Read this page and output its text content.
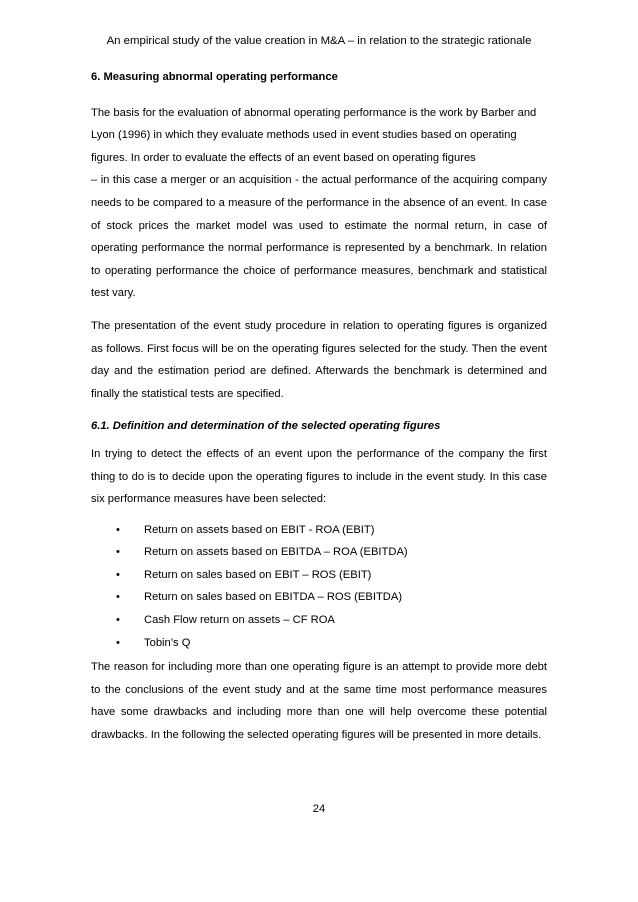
An empirical study of the value creation in M&A – in relation to the strategic rationale
6. Measuring abnormal operating performance

The basis for the evaluation of abnormal operating performance is the work by Barber and Lyon (1996) in which they evaluate methods used in event studies based on operating figures. In order to evaluate the effects of an event based on operating figures

– in this case a merger or an acquisition - the actual performance of the acquiring company needs to be compared to a measure of the performance in the absence of an event. In case of stock prices the market model was used to estimate the normal return, in case of operating performance the normal performance is represented by a benchmark. In relation to operating performance the choice of performance measures, benchmark and statistical test vary.

The presentation of the event study procedure in relation to operating figures is organized as follows. First focus will be on the operating figures selected for the study. Then the event day and the estimation period are defined. Afterwards the benchmark is determined and finally the statistical tests are specified.

6.1. Definition and determination of the selected operating figures

In trying to detect the effects of an event upon the performance of the company the first thing to do is to decide upon the operating figures to include in the event study. In this case six performance measures have been selected:

• Return on assets based on EBIT - ROA (EBIT)
• Return on assets based on EBITDA – ROA (EBITDA)
• Return on sales based on EBIT – ROS (EBIT)
• Return on sales based on EBITDA – ROS (EBITDA)
• Cash Flow return on assets – CF ROA
• Tobin’s Q

The reason for including more than one operating figure is an attempt to provide more debt to the conclusions of the event study and at the same time most performance measures have some drawbacks and including more than one will help overcome these potential drawbacks. In the following the selected operating figures will be presented in more details.

24
